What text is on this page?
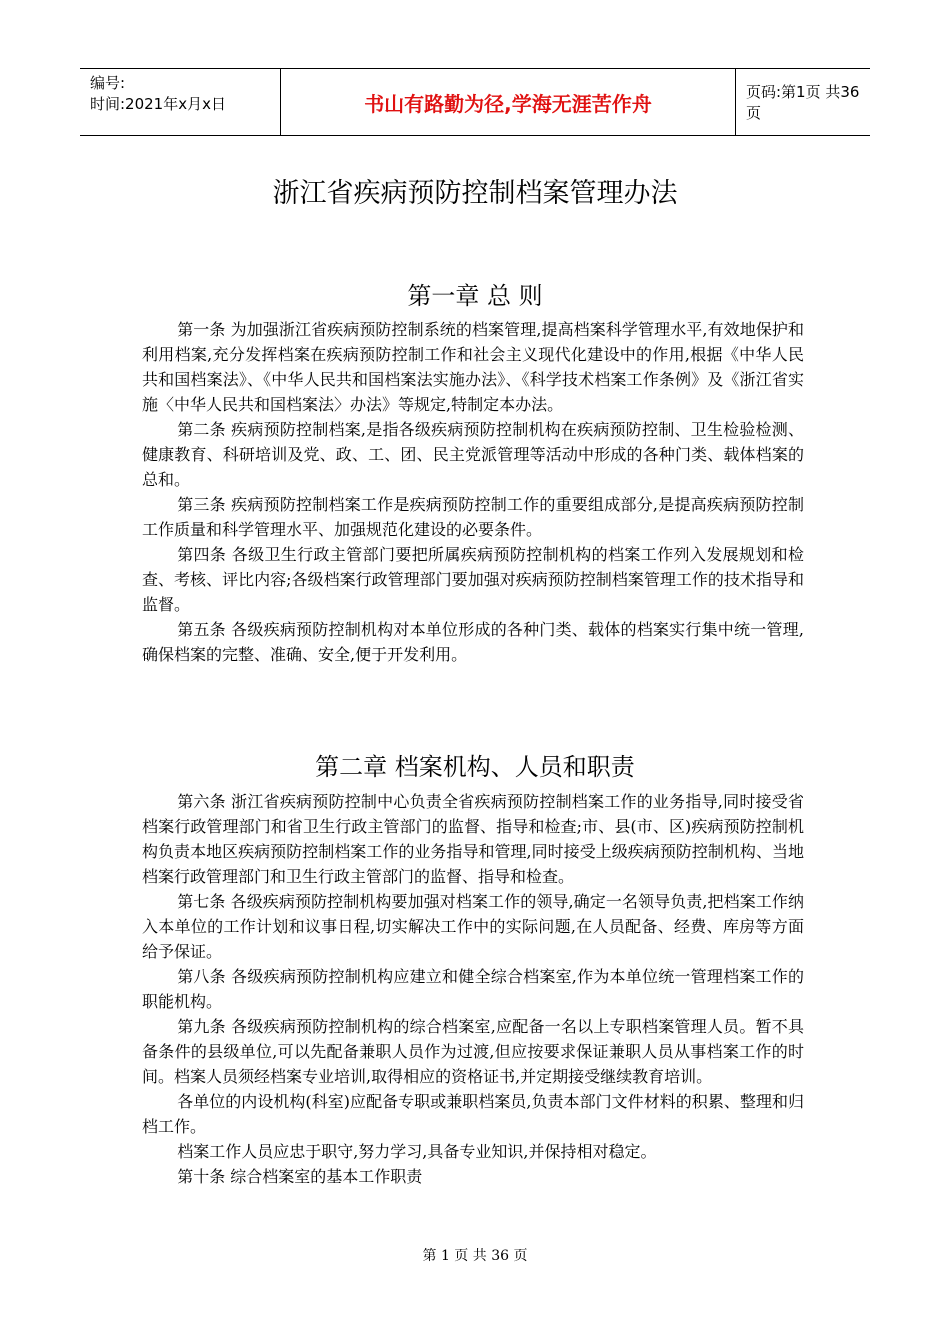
编号:
时间:2021年x月x日	书山有路勤为径,学海无涯苦作舟	页码:第1页 共36页
浙江省疾病预防控制档案管理办法
第一章 总 则

第一条 为加强浙江省疾病预防控制系统的档案管理,提高档案科学管理水平,有效地保护和利用档案,充分发挥档案在疾病预防控制工作和社会主义现代化建设中的作用,根据《中华人民共和国档案法》、《中华人民共和国档案法实施办法》、《科学技术档案工作条例》及《浙江省实施〈中华人民共和国档案法〉办法》等规定,特制定本办法。

第二条 疾病预防控制档案,是指各级疾病预防控制机构在疾病预防控制、卫生检验检测、健康教育、科研培训及党、政、工、团、民主党派管理等活动中形成的各种门类、载体档案的总和。

第三条 疾病预防控制档案工作是疾病预防控制工作的重要组成部分,是提高疾病预防控制工作质量和科学管理水平、加强规范化建设的必要条件。

第四条 各级卫生行政主管部门要把所属疾病预防控制机构的档案工作列入发展规划和检查、考核、评比内容;各级档案行政管理部门要加强对疾病预防控制档案管理工作的技术指导和监督。

第五条 各级疾病预防控制机构对本单位形成的各种门类、载体的档案实行集中统一管理,确保档案的完整、准确、安全,便于开发利用。

第二章 档案机构、人员和职责

第六条 浙江省疾病预防控制中心负责全省疾病预防控制档案工作的业务指导,同时接受省档案行政管理部门和省卫生行政主管部门的监督、指导和检查;市、县(市、区)疾病预防控制机构负责本地区疾病预防控制档案工作的业务指导和管理,同时接受上级疾病预防控制机构、当地档案行政管理部门和卫生行政主管部门的监督、指导和检查。

第七条 各级疾病预防控制机构要加强对档案工作的领导,确定一名领导负责,把档案工作纳入本单位的工作计划和议事日程,切实解决工作中的实际问题,在人员配备、经费、库房等方面给予保证。

第八条 各级疾病预防控制机构应建立和健全综合档案室,作为本单位统一管理档案工作的职能机构。

第九条 各级疾病预防控制机构的综合档案室,应配备一名以上专职档案管理人员。暂不具备条件的县级单位,可以先配备兼职人员作为过渡,但应按要求保证兼职人员从事档案工作的时间。档案人员须经档案专业培训,取得相应的资格证书,并定期接受继续教育培训。

各单位的内设机构(科室)应配备专职或兼职档案员,负责本部门文件材料的积累、整理和归档工作。

档案工作人员应忠于职守,努力学习,具备专业知识,并保持相对稳定。

第十条 综合档案室的基本工作职责

第 1 页 共 36 页
